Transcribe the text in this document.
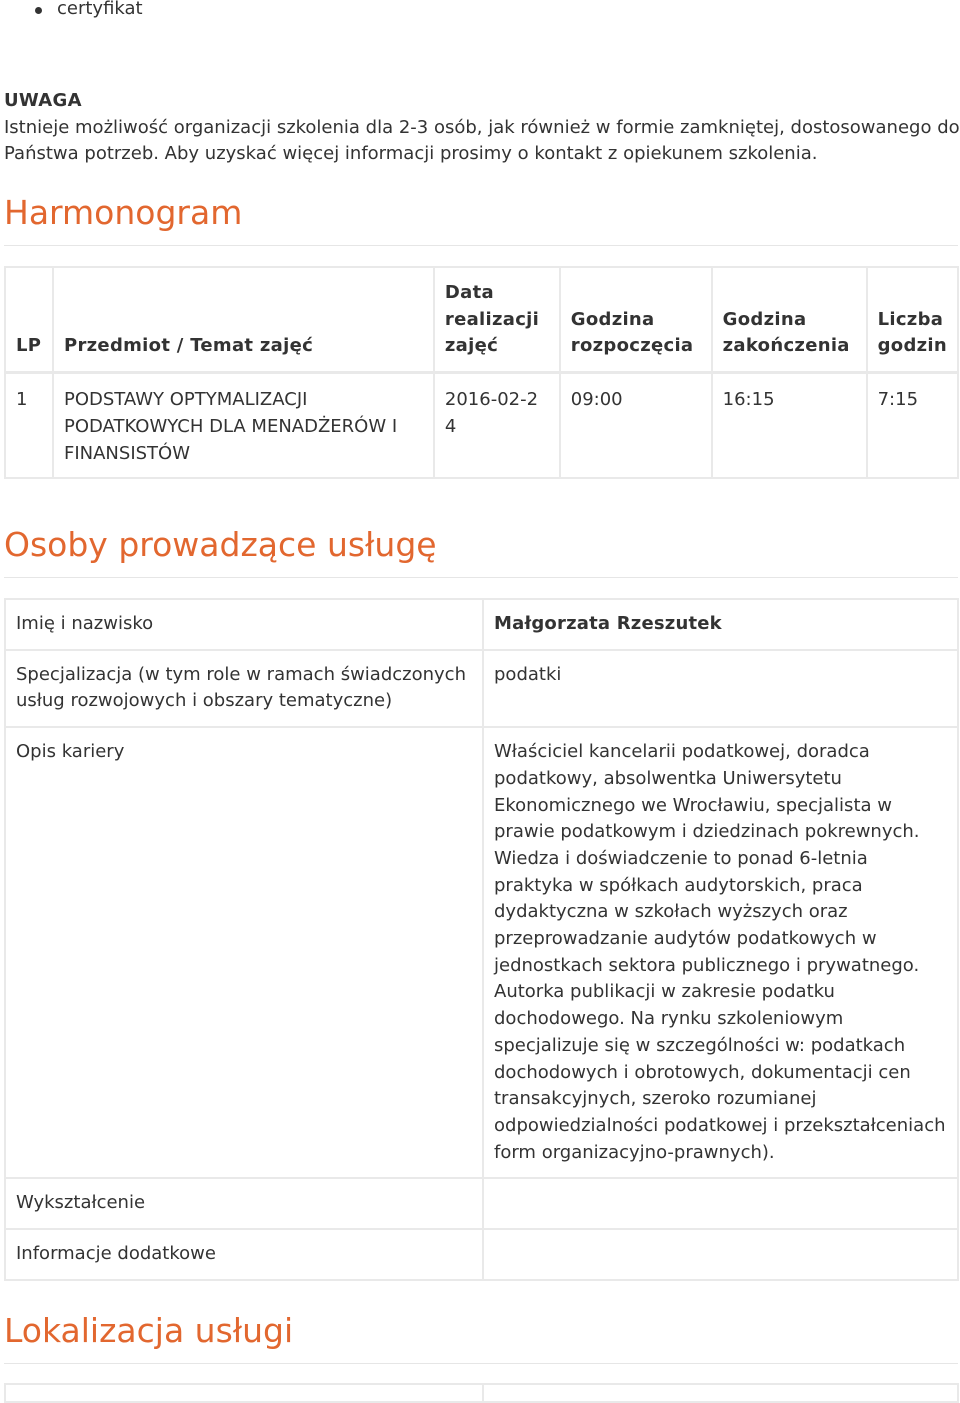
certyfikat

UWAGA

Istnieje możliwość organizacji szkolenia dla 2-3 osób, jak również w formie zamkniętej, dostosowanego do Państwa potrzeb. Aby uzyskać więcej informacji prosimy o kontakt z opiekunem szkolenia.

Harmonogram
LP	Przedmiot / Temat zajęć	Data realizacji zajęć	Godzina rozpoczęcia	Godzina zakończenia	Liczba godzin
1	PODSTAWY OPTYMALIZACJI PODATKOWYCH DLA MENADŻERÓW I FINANSISTÓW	2016-02-24	09:00	16:15	7:15
Osoby prowadzące usługę
Imię i nazwisko	Małgorzata Rzeszutek
Specjalizacja (w tym role w ramach świadczonych usług rozwojowych i obszary tematyczne)	podatki
Opis kariery	Właściciel kancelarii podatkowej, doradca podatkowy, absolwentka Uniwersytetu Ekonomicznego we Wrocławiu, specjalista w prawie podatkowym i dziedzinach pokrewnych. Wiedza i doświadczenie to ponad 6-letnia praktyka w spółkach audytorskich, praca dydaktyczna w szkołach wyższych oraz przeprowadzanie audytów podatkowych w jednostkach sektora publicznego i prywatnego. Autorka publikacji w zakresie podatku dochodowego. Na rynku szkoleniowym specjalizuje się w szczególności w: podatkach dochodowych i obrotowych, dokumentacji cen transakcyjnych, szeroko rozumianej odpowiedzialności podatkowej i przekształceniach form organizacyjno-prawnych).
Wykształcenie	
Informacje dodatkowe	
Lokalizacja usługi
